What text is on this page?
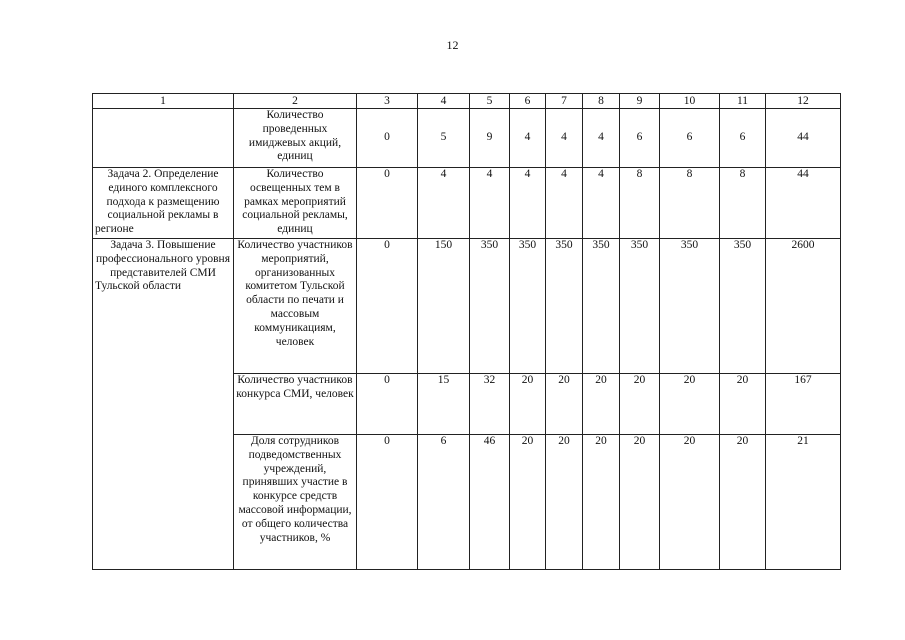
12
1	2	3	4	5	6	7	8	9	10	11	12
	Количество проведенных имиджевых акций, единиц	0	5	9	4	4	4	6	6	6	44
Задача 2. Определение единого комплексного подхода к размещению социальной рекламы в регионе	Количество освещенных тем в рамках мероприятий социальной рекламы, единиц	0	4	4	4	4	4	8	8	8	44
Задача 3. Повышение профессионального уровня представителей СМИ Тульской области	Количество участников мероприятий, организованных комитетом Тульской области по печати и массовым коммуникациям, человек	0	150	350	350	350	350	350	350	350	2600
	Количество участников конкурса СМИ, человек	0	15	32	20	20	20	20	20	20	167
	Доля сотрудников подведомственных учреждений, принявших участие в конкурсе средств массовой информации, от общего количества участников, %	0	6	46	20	20	20	20	20	20	21
